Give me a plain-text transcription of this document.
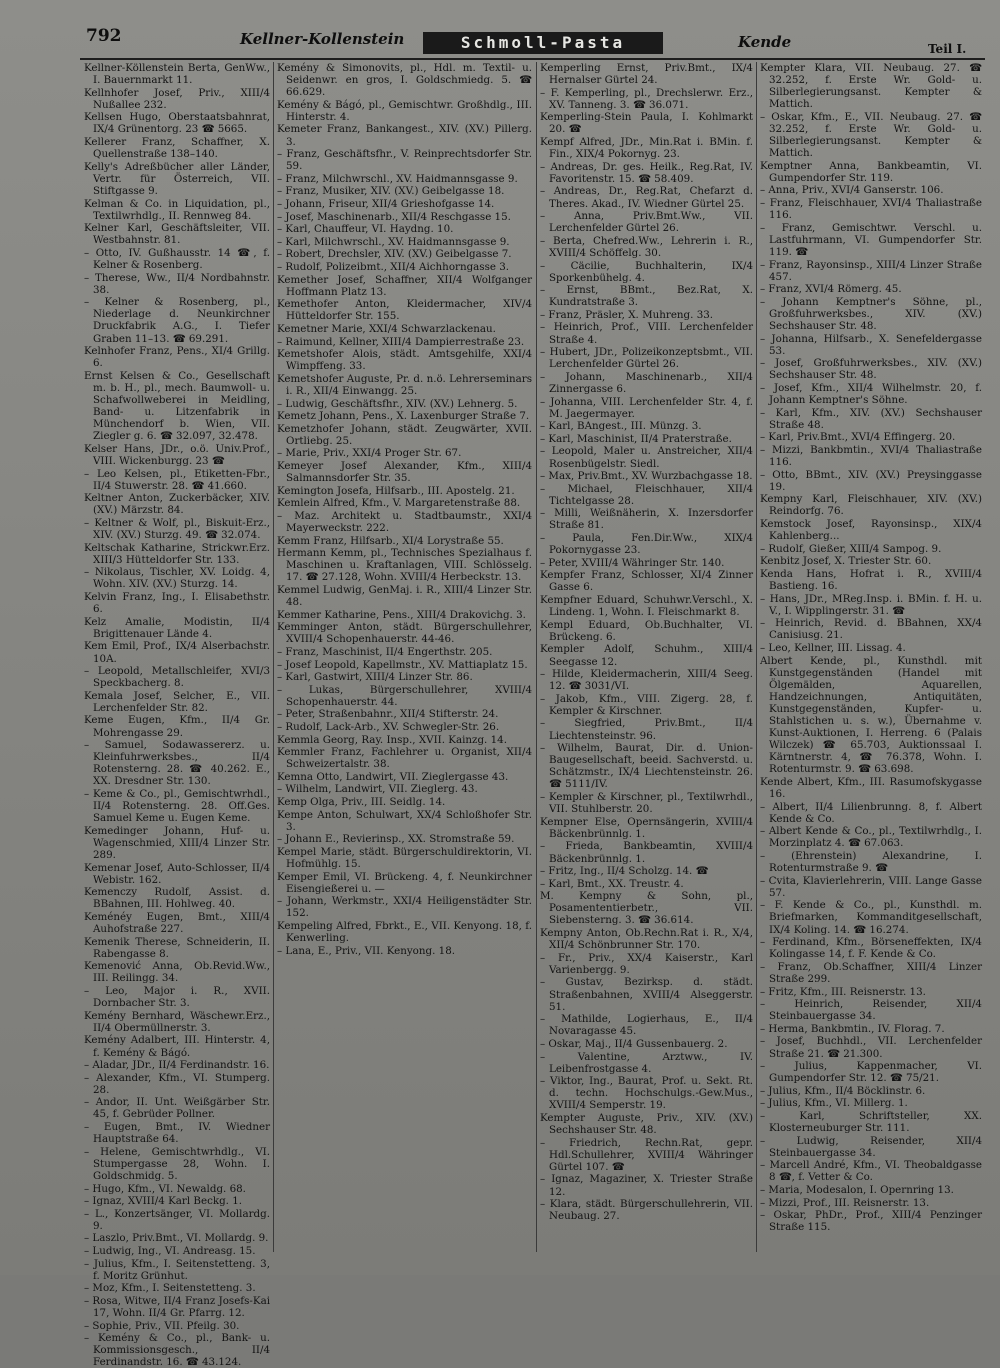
792	Kellner-Kollenstein	Schmoll-Pasta	Kende	Teil I.
Kellner-Köllenstein Berta, GenWw., I. Bauernmarkt 11.
Kellnhofer Josef, Priv., XIII/4 Nußallee 232.
Kellsen Hugo, Oberstaatsbahnrat, IX/4 Grünentorg. 23 ☎ 5665.
Kellerer Franz, Schaffner, X. Quellenstraße 138–140.
Kelly's Adreßbücher aller Länder, Vertr. für Österreich, VII. Stiftgasse 9.
Kelman & Co. in Liquidation, pl., Textilwrhdlg., II. Rennweg 84.
Kelner Karl, Geschäftsleiter, VII. Westbahnstr. 81.
– Otto, IV. Gußhausstr. 14 ☎, f. Kelner & Rosenberg.
– Therese, Ww., II/4 Nordbahnstr. 38.
– Kelner & Rosenberg, pl., Niederlage d. Neunkirchner Druckfabrik A.G., I. Tiefer Graben 11–13. ☎ 69.291.
Kelnhofer Franz, Pens., XI/4 Grillg. 6.
Ernst Kelsen & Co., Gesellschaft m. b. H., pl., mech. Baumwoll- u. Schafwollweberei in Meidling, Band- u. Litzenfabrik in Münchendorf b. Wien, VII. Ziegler g. 6. ☎ 32.097, 32.478.
Kelser Hans, JDr., o.ö. Univ.Prof., VIII. Wickenburgg. 23 ☎
– Leo Kelsen, pl., Etiketten-Fbr., II/4 Stuwerstr. 28. ☎ 41.660.
Keltner Anton, Zuckerbäcker, XIV. (XV.) Märzstr. 84.
– Keltner & Wolf, pl., Biskuit-Erz., XIV. (XV.) Sturzg. 49. ☎ 32.074.
Keltschak Katharine, Strickwr.Erz. XIII/3 Hütteldorfer Str. 133.
– Nikolaus, Tischler, XV. Loidg. 4, Wohn. XIV. (XV.) Sturzg. 14.
Kelvin Franz, Ing., I. Elisabethstr. 6.
Kelz Amalie, Modistin, II/4 Brigittenauer Lände 4.
Kem Emil, Prof., IX/4 Alserbachstr. 10A.
– Leopold, Metallschleifer, XVI/3 Speckbacherg. 8.
Kemala Josef, Selcher, E., VII. Lerchenfelder Str. 82.
Keme Eugen, Kfm., II/4 Gr. Mohrengasse 29.
– Samuel, Sodawassererz. u. Kleinfuhrwerksbes., II/4 Rotensterng. 28. ☎ 40.262. E., XX. Dresdner Str. 130.
– Keme & Co., pl., Gemischtwrhdl., II/4 Rotensterng. 28. Off.Ges. Samuel Keme u. Eugen Keme.
Kemedinger Johann, Huf- u. Wagenschmied, XIII/4 Linzer Str. 289.
Kemenar Josef, Auto-Schlosser, II/4 Webistr. 162.
Kemenczy Rudolf, Assist. d. BBahnen, III. Hohlweg. 40.
Keménéy Eugen, Bmt., XIII/4 Auhofstraße 227.
Kemenik Therese, Schneiderin, II. Rabengasse 8.
Kemenović Anna, Ob.Revid.Ww., III. Reilingg. 34.
– Leo, Major i. R., XVII. Dornbacher Str. 3.
Kemény Bernhard, Wäschewr.Erz., II/4 Obermüllnerstr. 3.
Kemény Adalbert, III. Hinterstr. 4, f. Kemény & Bágó.
– Aladar, JDr., II/4 Ferdinandstr. 16.
– Alexander, Kfm., VI. Stumperg. 28.
– Andor, II. Unt. Weißgärber Str. 45, f. Gebrüder Pollner.
– Eugen, Bmt., IV. Wiedner Hauptstraße 64.
– Helene, Gemischtwrhdlg., VI. Stumpergasse 28, Wohn. I. Goldschmidg. 5.
– Hugo, Kfm., VI. Newaldg. 68.
– Ignaz, XVIII/4 Karl Beckg. 1.
– L., Konzertsänger, VI. Mollardg. 9.
– Laszlo, Priv.Bmt., VI. Mollardg. 9.
– Ludwig, Ing., VI. Andreasg. 15.
– Julius, Kfm., I. Seitenstetteng. 3, f. Moritz Grünhut.
– Moz, Kfm., I. Seitenstetteng. 3.
– Rosa, Witwe, II/4 Franz Josefs-Kai 17, Wohn. II/4 Gr. Pfarrg. 12.
– Sophie, Priv., VII. Pfeilg. 30.
– Kemény & Co., pl., Bank- u. Kommissionsgesch., II/4 Ferdinandstr. 16. ☎ 43.124.
Kemény & Simonovits, pl., Hdl. m. Textil- u. Seidenwr. en gros, I. Goldschmiedg. 5. ☎ 66.629.
Kemény & Bágó, pl., Gemischtwr. Großhdlg., III. Hinterstr. 4.
Kemeter Franz, Bankangest., XIV. (XV.) Pillerg. 3.
– Franz, Geschäftsfhr., V. Reinprechtsdorfer Str. 59.
– Franz, Milchwrschl., XV. Haidmannsgasse 9.
– Franz, Musiker, XIV. (XV.) Geibelgasse 18.
– Johann, Friseur, XII/4 Grieshofgasse 14.
– Josef, Maschinenarb., XII/4 Reschgasse 15.
– Karl, Chauffeur, VI. Haydng. 10.
– Karl, Milchwrschl., XV. Haidmannsgasse 9.
– Robert, Drechsler, XIV. (XV.) Geibelgasse 7.
– Rudolf, Polizeibmt., XII/4 Aichhorngasse 3.
Kemether Josef, Schaffner, XII/4 Wolfganger Hoffmann Platz 13.
Kemethofer Anton, Kleidermacher, XIV/4 Hütteldorfer Str. 155.
Kemetner Marie, XXI/4 Schwarzlackenau.
– Raimund, Kellner, XIII/4 Dampierrestraße 23.
Kemetshofer Alois, städt. Amtsgehilfe, XXI/4 Wimpffeng. 33.
Kemetshofer Auguste, Pr. d. n.ö. Lehrerseminars i. R., XII/4 Einwangg. 25.
– Ludwig, Geschäftsfhr., XIV. (XV.) Lehnerg. 5.
Kemetz Johann, Pens., X. Laxenburger Straße 7.
Kemetzhofer Johann, städt. Zeugwärter, XVII. Ortliebg. 25.
– Marie, Priv., XXI/4 Proger Str. 67.
Kemeyer Josef Alexander, Kfm., XIII/4 Salmannsdorfer Str. 35.
Kemington Josefa, Hilfsarb., III. Apostelg. 21.
Kemlein Alfred, Kfm., V. Margaretenstraße 88.
– Maz. Architekt u. Stadtbaumstr., XXI/4 Mayerweckstr. 222.
Kemm Franz, Hilfsarb., XI/4 Lorystraße 55.
Hermann Kemm, pl., Technisches Spezialhaus f. Maschinen u. Kraftanlagen, VIII. Schlösselg. 17. ☎ 27.128, Wohn. XVIII/4 Herbeckstr. 13.
Kemmel Ludwig, GenMaj. i. R., XIII/4 Linzer Str. 48.
Kemmer Katharine, Pens., XIII/4 Drakovichg. 3.
Kemminger Anton, städt. Bürgerschullehrer, XVIII/4 Schopenhauerstr. 44-46.
– Franz, Maschinist, II/4 Engerthstr. 205.
– Josef Leopold, Kapellmstr., XV. Mattiaplatz 15.
– Karl, Gastwirt, XIII/4 Linzer Str. 86.
– Lukas, Bürgerschullehrer, XVIII/4 Schopenhauerstr. 44.
– Peter, Straßenbahnr., XII/4 Stifterstr. 24.
– Rudolf, Lack-Arb., XV. Schwegler-Str. 26.
Kemmla Georg, Ray. Insp., XVII. Kainzg. 14.
Kemmler Franz, Fachlehrer u. Organist, XII/4 Schweizertalstr. 38.
Kemna Otto, Landwirt, VII. Zieglergasse 43.
– Wilhelm, Landwirt, VII. Zieglerg. 43.
Kemp Olga, Priv., III. Seidlg. 14.
Kempe Anton, Schulwart, XX/4 Schloßhofer Str. 3.
– Johann E., Revierinsp., XX. Stromstraße 59.
Kempel Marie, städt. Bürgerschuldirektorin, VI. Hofmühlg. 15.
Kemper Emil, VI. Brückeng. 4, f. Neunkirchner Eisengießerei u. —
– Johann, Werkmstr., XXI/4 Heiligenstädter Str. 152.
Kempeling Alfred, Fbrkt., E., VII. Kenyong. 18, f. Kenwerling.
– Lana, E., Priv., VII. Kenyong. 18.
Kemperling Ernst, Priv.Bmt., IX/4 Hernalser Gürtel 24.
– F. Kemperling, pl., Drechslerwr. Erz., XV. Tanneng. 3. ☎ 36.071.
Kemperling-Stein Paula, I. Kohlmarkt 20. ☎
Kempf Alfred, JDr., Min.Rat i. BMin. f. Fin., XIX/4 Pokornyg. 23.
– Andreas, Dr. ges. Heilk., Reg.Rat, IV. Favoritenstr. 15. ☎ 58.409.
– Andreas, Dr., Reg.Rat, Chefarzt d. Theres. Akad., IV. Wiedner Gürtel 25.
– Anna, Priv.Bmt.Ww., VII. Lerchenfelder Gürtel 26.
– Berta, Chefred.Ww., Lehrerin i. R., XVIII/4 Schöffelg. 30.
– Cäcilie, Buchhalterin, IX/4 Sporkenbühelg. 4.
– Ernst, BBmt., Bez.Rat, X. Kundratstraße 3.
– Franz, Präsler, X. Muhreng. 33.
– Heinrich, Prof., VIII. Lerchenfelder Straße 4.
– Hubert, JDr., Polizeikonzeptsbmt., VII. Lerchenfelder Gürtel 26.
– Johann, Maschinenarb., XII/4 Zinnergasse 6.
– Johanna, VIII. Lerchenfelder Str. 4, f. M. Jaegermayer.
– Karl, BAngest., III. Münzg. 3.
– Karl, Maschinist, II/4 Praterstraße.
– Leopold, Maler u. Anstreicher, XII/4 Rosenbügelstr. Siedl.
– Max, Priv.Bmt., XV. Wurzbachgasse 18.
– Michael, Fleischhauer, XII/4 Tichtelgasse 28.
– Milli, Weißnäherin, X. Inzersdorfer Straße 81.
– Paula, Fen.Dir.Ww., XIX/4 Pokornygasse 23.
– Peter, XVIII/4 Währinger Str. 140.
Kempfer Franz, Schlosser, XI/4 Zinner Gasse 6.
Kempfner Eduard, Schuhwr.Verschl., X. Lindeng. 1, Wohn. I. Fleischmarkt 8.
Kempl Eduard, Ob.Buchhalter, VI. Brückeng. 6.
Kempler Adolf, Schuhm., XIII/4 Seegasse 12.
– Hilde, Kleidermacherin, XIII/4 Seeg. 12. ☎ 3031/VI.
– Jakob, Kfm., VIII. Zigerg. 28, f. Kempler & Kirschner.
– Siegfried, Priv.Bmt., II/4 Liechtensteinstr. 96.
– Wilhelm, Baurat, Dir. d. Union-Baugesellschaft, beeid. Sachverstd. u. Schätzmstr., IX/4 Liechtensteinstr. 26. ☎ 5111/IV.
– Kempler & Kirschner, pl., Textilwrhdl., VII. Stuhlberstr. 20.
Kempner Else, Opernsängerin, XVIII/4 Bäckenbrünnlg. 1.
– Frieda, Bankbeamtin, XVIII/4 Bäckenbrünnlg. 1.
– Fritz, Ing., II/4 Scholzg. 14. ☎
– Karl, Bmt., XX. Treustr. 4.
M. Kempny & Sohn, pl., Posamententierbetr., VII. Siebensterng. 3. ☎ 36.614.
Kempny Anton, Ob.Rechn.Rat i. R., X/4, XII/4 Schönbrunner Str. 170.
– Fr., Priv., XX/4 Kaiserstr., Karl Varienbergg. 9.
– Gustav, Bezirksp. d. städt. Straßenbahnen, XVIII/4 Alseggerstr. 51.
– Mathilde, Logierhaus, E., II/4 Novaragasse 45.
– Oskar, Maj., II/4 Gussenbauerg. 2.
– Valentine, Arztww., IV. Leibenfrostgasse 4.
– Viktor, Ing., Baurat, Prof. u. Sekt. Rt. d. techn. Hochschulgs.-Gew.Mus., XVIII/4 Semperstr. 19.
Kempter Auguste, Priv., XIV. (XV.) Sechshauser Str. 48.
– Friedrich, Rechn.Rat, gepr. Hdl.Schullehrer, XVIII/4 Währinger Gürtel 107. ☎
– Ignaz, Magaziner, X. Triester Straße 12.
– Klara, städt. Bürgerschullehrerin, VII. Neubaug. 27.
Kempter Klara, VII. Neubaug. 27. ☎ 32.252, f. Erste Wr. Gold- u. Silberlegierungsanst. Kempter & Mattich.
– Oskar, Kfm., E., VII. Neubaug. 27. ☎ 32.252, f. Erste Wr. Gold- u. Silberlegierungsanst. Kempter & Mattich.
Kemptner Anna, Bankbeamtin, VI. Gumpendorfer Str. 119.
– Anna, Priv., XVI/4 Ganserstr. 106.
– Franz, Fleischhauer, XVI/4 Thaliastraße 116.
– Franz, Gemischtwr. Verschl. u. Lastfuhrmann, VI. Gumpendorfer Str. 119. ☎
– Franz, Rayonsinsp., XIII/4 Linzer Straße 457.
– Franz, XVI/4 Römerg. 45.
– Johann Kemptner's Söhne, pl., Großfuhrwerksbes., XIV. (XV.) Sechshauser Str. 48.
– Johanna, Hilfsarb., X. Senefeldergasse 53.
– Josef, Großfuhrwerksbes., XIV. (XV.) Sechshauser Str. 48.
– Josef, Kfm., XII/4 Wilhelmstr. 20, f. Johann Kemptner's Söhne.
– Karl, Kfm., XIV. (XV.) Sechshauser Straße 48.
– Karl, Priv.Bmt., XVI/4 Effingerg. 20.
– Mizzi, Bankbmtin., XVI/4 Thaliastraße 116.
– Otto, BBmt., XIV. (XV.) Preysinggasse 19.
Kempny Karl, Fleischhauer, XIV. (XV.) Reindorfg. 76.
Kemstock Josef, Rayonsinsp., XIX/4 Kahlenberg...
– Rudolf, Gießer, XIII/4 Sampog. 9.
Kenbitz Josef, X. Triester Str. 60.
Kenda Hans, Hofrat i. R., XVIII/4 Bastieng. 16.
– Hans, JDr., MReg.Insp. i. BMin. f. H. u. V., I. Wipplingerstr. 31. ☎
– Heinrich, Revid. d. BBahnen, XX/4 Canisiusg. 21.
– Leo, Kellner, III. Lissag. 4.
Albert Kende, pl., Kunsthdl. mit Kunstgegenständen (Handel mit Ölgemälden, Aquarellen, Handzeichnungen, Antiquitäten, Kunstgegenständen, Kupfer- u. Stahlstichen u. s. w.), Übernahme v. Kunst-Auktionen, I. Herreng. 6 (Palais Wilczek) ☎ 65.703, Auktionssaal I. Kärntnerstr. 4, ☎ 76.378, Wohn. I. Rotenturmstr. 9. ☎ 63.698.
Kende Albert, Kfm., III. Rasumofskygasse 16.
– Albert, II/4 Lilienbrunng. 8, f. Albert Kende & Co.
– Albert Kende & Co., pl., Textilwrhdlg., I. Morzinplatz 4. ☎ 67.063.
– (Ehrenstein) Alexandrine, I. Rotenturmstraße 9. ☎
– Cvita, Klavierlehrerin, VIII. Lange Gasse 57.
– F. Kende & Co., pl., Kunsthdl. m. Briefmarken, Kommanditgesellschaft, IX/4 Koling. 14. ☎ 16.274.
– Ferdinand, Kfm., Börseneffekten, IX/4 Kolingasse 14, f. F. Kende & Co.
– Franz, Ob.Schaffner, XIII/4 Linzer Straße 299.
– Fritz, Kfm., III. Reisnerstr. 13.
– Heinrich, Reisender, XII/4 Steinbauergasse 34.
– Herma, Bankbmtin., IV. Florag. 7.
– Josef, Buchhdl., VII. Lerchenfelder Straße 21. ☎ 21.300.
– Julius, Kappenmacher, VI. Gumpendorfer Str. 12. ☎ 75/21.
– Julius, Kfm., II/4 Böcklinstr. 6.
– Julius, Kfm., VI. Millerg. 1.
– Karl, Schriftsteller, XX. Klosterneuburger Str. 111.
– Ludwig, Reisender, XII/4 Steinbauergasse 34.
– Marcell André, Kfm., VI. Theobaldgasse 8 ☎, f. Vetter & Co.
– Maria, Modesalon, I. Opernring 13.
– Mizzi, Prof., III. Reisnerstr. 13.
– Oskar, PhDr., Prof., XIII/4 Penzinger Straße 115.
